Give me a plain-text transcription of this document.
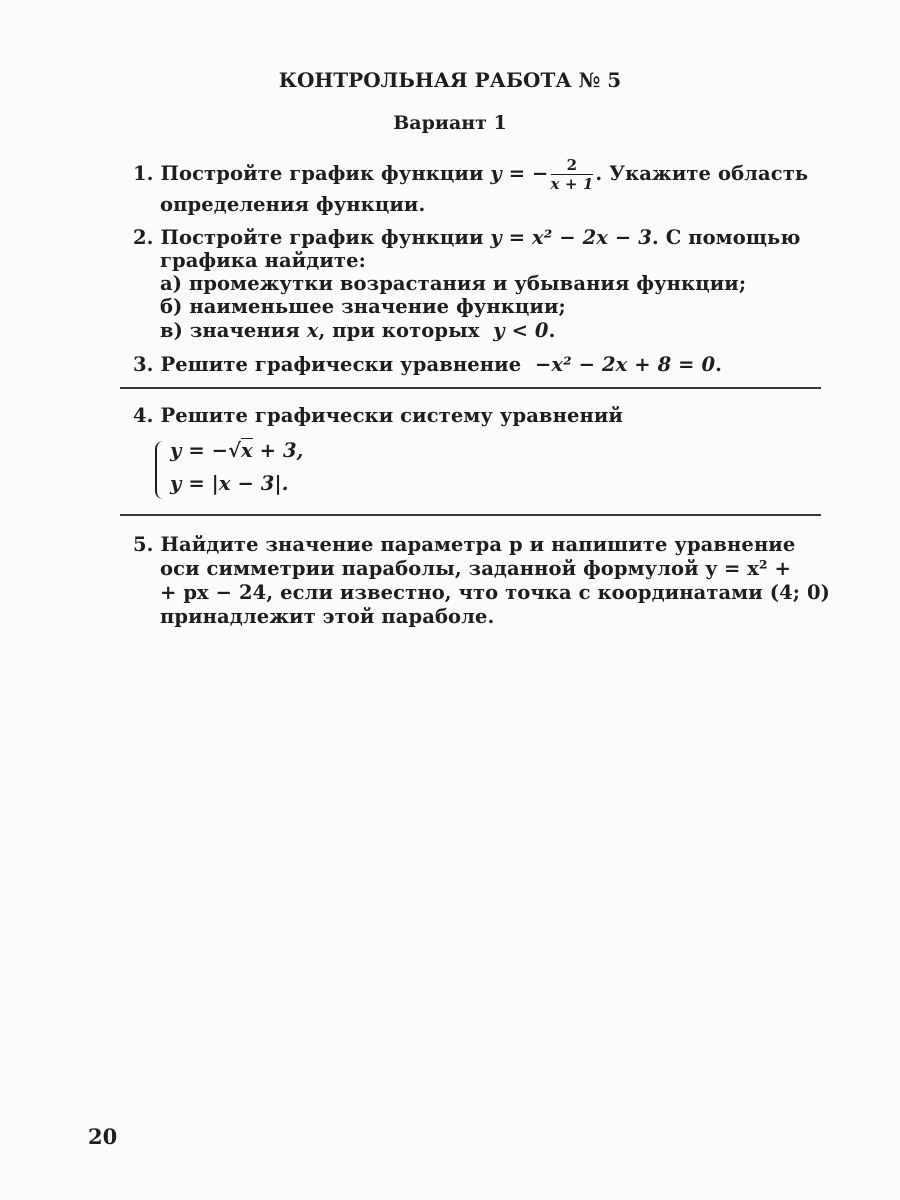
КОНТРОЛЬНАЯ РАБОТА № 5
Вариант 1
1. Постройте график функции y = − $\frac{2}{x + 1}$ . Укажите область
определения функции.
2. Постройте график функции y = x² − 2x − 3. С помощью
графика найдите:
а) промежутки возрастания и убывания функции;
б) наименьшее значение функции;
в) значения x, при которых y < 0.
3. Решите графически уравнение −x² − 2x + 8 = 0.
4. Решите графически систему уравнений
y = −√x + 3,
y = |x − 3|.
5. Найдите значение параметра p и напишите уравнение
оси симметрии параболы, заданной формулой y = x² +
+ px − 24, если известно, что точка с координатами (4; 0)
принадлежит этой параболе.
20
